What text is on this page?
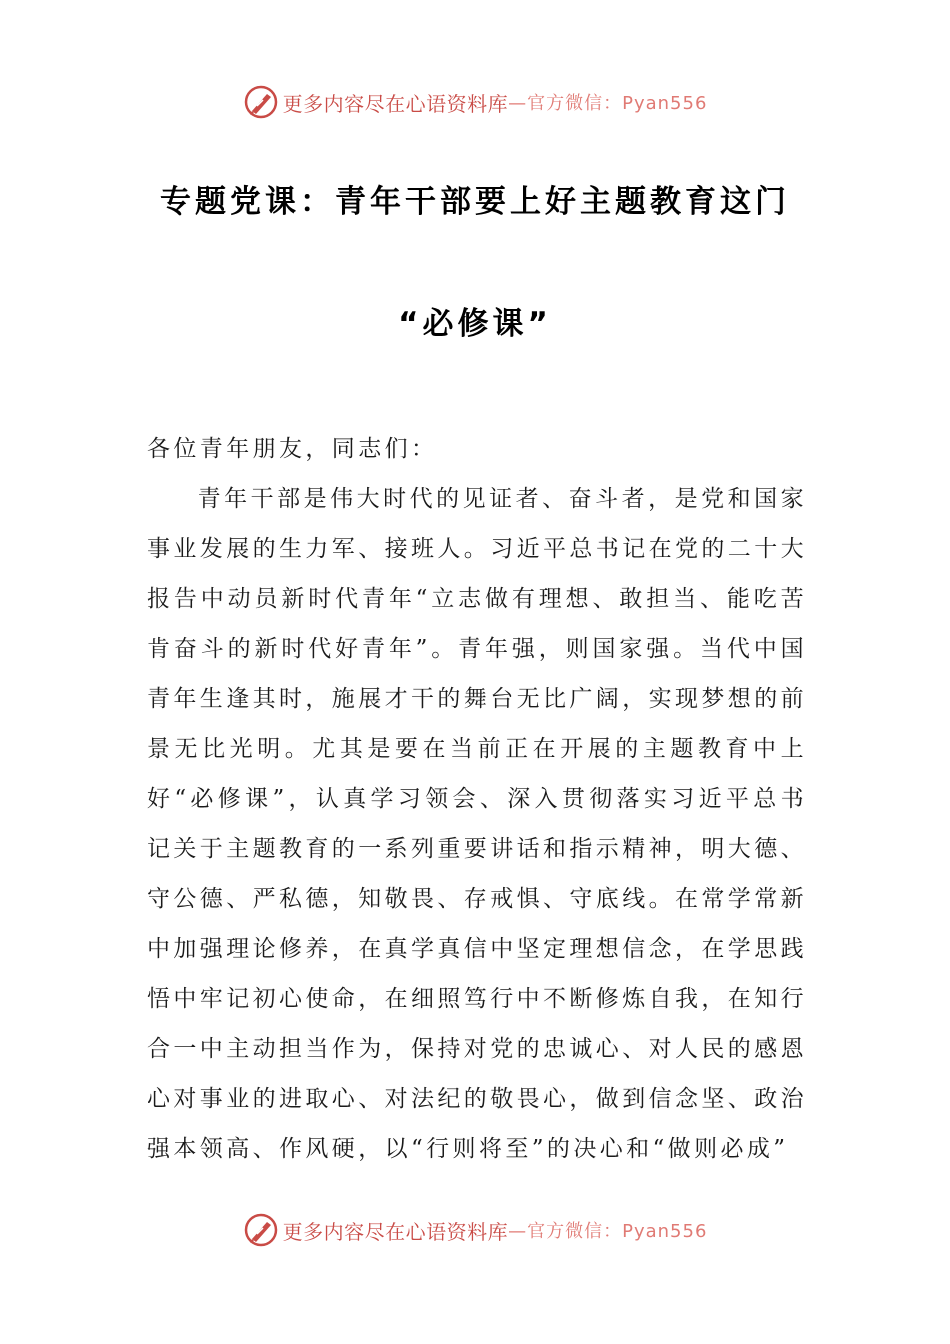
更多内容尽在心语资料库 —官方微信：Pyan556
专题党课：青年干部要上好主题教育这门
“必修课”

各位青年朋友，同志们：

青年干部是伟大时代的见证者、奋斗者，是党和国家事业发展的生力军、接班人。习近平总书记在党的二十大报告中动员新时代青年“立志做有理想、敢担当、能吃苦肯奋斗的新时代好青年”。青年强，则国家强。当代中国青年生逢其时，施展才干的舞台无比广阔，实现梦想的前景无比光明。尤其是要在当前正在开展的主题教育中上好“必修课”，认真学习领会、深入贯彻落实习近平总书记关于主题教育的一系列重要讲话和指示精神，明大德、守公德、严私德，知敬畏、存戒惧、守底线。在常学常新中加强理论修养，在真学真信中坚定理想信念，在学思践悟中牢记初心使命，在细照笃行中不断修炼自我，在知行合一中主动担当作为，保持对党的忠诚心、对人民的感恩心对事业的进取心、对法纪的敬畏心，做到信念坚、政治强本领高、作风硬，以“行则将至”的决心和“做则必成”

更多内容尽在心语资料库 —官方微信：Pyan556
